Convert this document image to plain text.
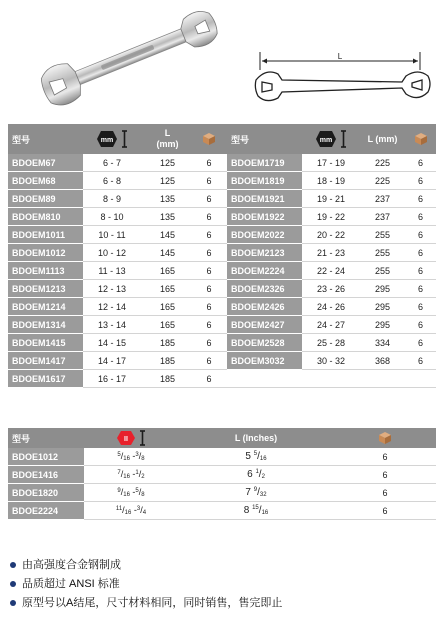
L
型号	mm	L
(mm)			型号	mm	L (mm)	
BDOEM67	6 - 7	125	6		BDOEM1719	17 - 19	225	6
BDOEM68	6 - 8	125	6		BDOEM1819	18 - 19	225	6
BDOEM89	8 - 9	135	6		BDOEM1921	19 - 21	237	6
BDOEM810	8 - 10	135	6		BDOEM1922	19 - 22	237	6
BDOEM1011	10 - 11	145	6		BDOEM2022	20 - 22	255	6
BDOEM1012	10 - 12	145	6		BDOEM2123	21 - 23	255	6
BDOEM1113	11 - 13	165	6		BDOEM2224	22 - 24	255	6
BDOEM1213	12 - 13	165	6		BDOEM2326	23 - 26	295	6
BDOEM1214	12 - 14	165	6		BDOEM2426	24 - 26	295	6
BDOEM1314	13 - 14	165	6		BDOEM2427	24 - 27	295	6
BDOEM1415	14 - 15	185	6		BDOEM2528	25 - 28	334	6
BDOEM1417	14 - 17	185	6		BDOEM3032	30 - 32	368	6
BDOEM1617	16 - 17	185	6					
型号	II	L (Inches)	
BDOE1012	$^5/_{16}$ $-^3/_8$	5 $^5/_{16}$	6
BDOE1416	$^7/_{16}$ $-^1/_2$	6 $^1/_2$	6
BDOE1820	$^9/_{16}$ $-^5/_8$	7 $^9/_{32}$	6
BDOE2224	$^{11}/_{16}$ $-^3/_4$	8 $^{15}/_{16}$	6
由高强度合金钢制成
品质超过 ANSI 标准
原型号以A结尾，尺寸材料相同，同时销售，售完即止
